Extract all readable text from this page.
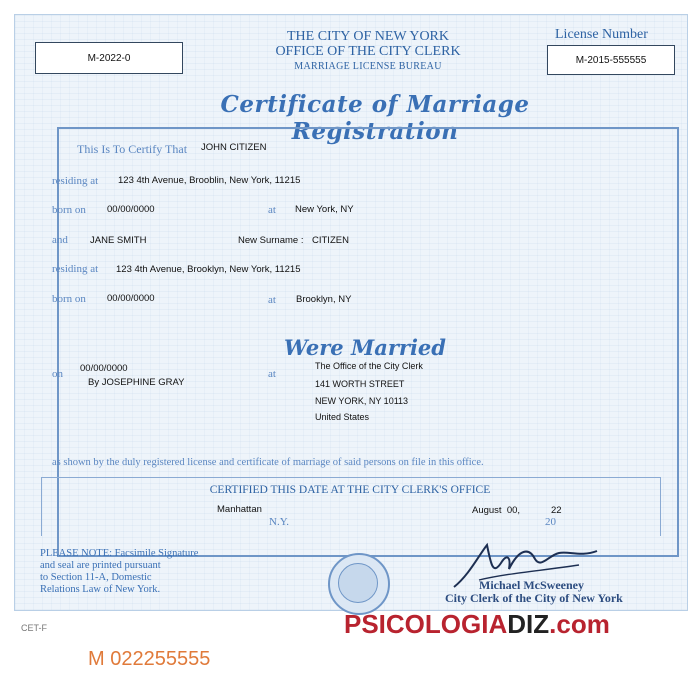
THE CITY OF NEW YORK
OFFICE OF THE CITY CLERK
MARRIAGE LICENSE BUREAU
License Number
M-2022-0	M-2015-555555
Certificate of Marriage Registration
This Is To Certify That JOHN CITIZEN
residing at 123 4th Avenue, Brooblin, New York, 11215
born on 00/00/0000	at New York, NY
and JANE SMITH	New Surname : CITIZEN
residing at 123 4th Avenue, Brooklyn, New York, 11215
born on 00/00/0000	at Brooklyn, NY
Were Married
on 00/00/0000
By JOSEPHINE GRAY
at
The Office of the City Clerk
141 WORTH STREET
NEW YORK, NY 10113
United States
as shown by the duly registered license and certificate of marriage of said persons on file in this office.
CERTIFIED THIS DATE AT THE CITY CLERK'S OFFICE
Manhattan
N.Y.
August  00,	22
20
PLEASE NOTE: Facsimile Signature
and seal are printed pursuant
to Section 11-A, Domestic
Relations Law of New York.	Michael McSweeney
City Clerk of the City of New York
CET-F	PSICOLOGIADIZ.com
M 022255555
